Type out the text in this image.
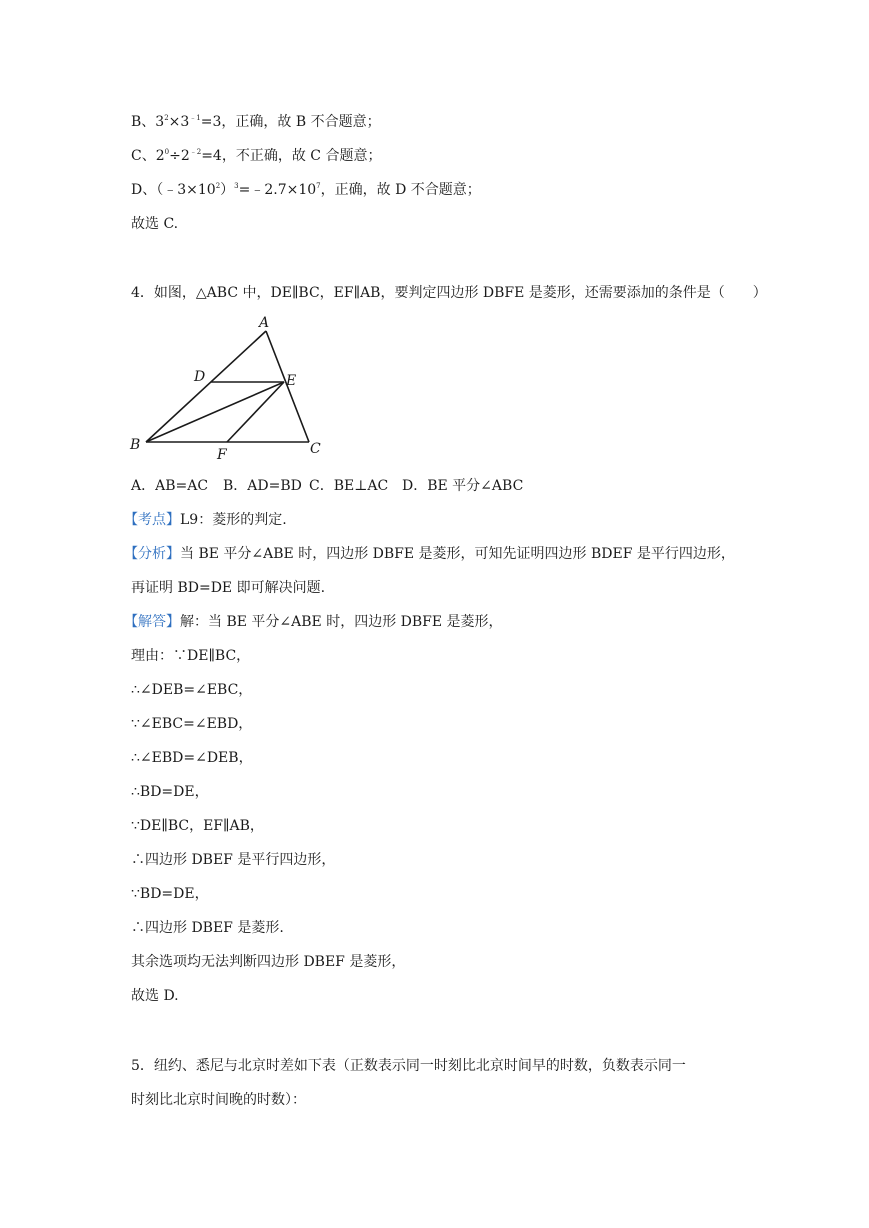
B、$3^2\times 3^{﹣1}=3$，正确，故 B 不合题意；
C、$2^0\div 2^{﹣2}=4$，不正确，故 C 合题意；
D、$(﹣3\times 10^2)^3=﹣2.7\times 10^7$，正确，故 D 不合题意；
故选 C.
4．如图，△ABC 中，DE∥BC，EF∥AB，要判定四边形 DBFE 是菱形，还需要添加的条件是（　　）
A
B	C
D	E
F
A．AB=AC B．AD=BD C．BE⊥AC D．BE 平分∠ABC
【考点】L9：菱形的判定.
【分析】当 BE 平分∠ABE 时，四边形 DBFE 是菱形，可知先证明四边形 BDEF 是平行四边形，
再证明 BD=DE 即可解决问题.
【解答】解：当 BE 平分∠ABE 时，四边形 DBFE 是菱形，
理由：∵DE∥BC，
∴∠DEB=∠EBC，
∵∠EBC=∠EBD，
∴∠EBD=∠DEB，
∴BD=DE，
∵DE∥BC，EF∥AB，
∴四边形 DBEF 是平行四边形，
∵BD=DE，
∴四边形 DBEF 是菱形.
其余选项均无法判断四边形 DBEF 是菱形，
故选 D.
5．纽约、悉尼与北京时差如下表（正数表示同一时刻比北京时间早的时数，负数表示同一
时刻比北京时间晚的时数）：
